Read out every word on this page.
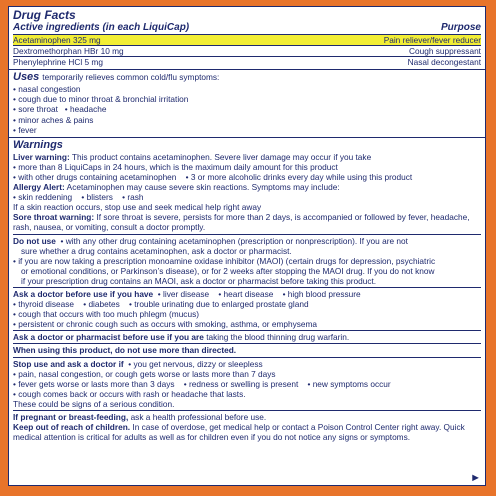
Drug Facts
Active ingredients (in each LiquiCap)	Purpose
Acetaminophen 325 mg	Pain reliever/fever reducer
Dextromethorphan HBr 10 mg	Cough suppressant
Phenylephrine HCl 5 mg	Nasal decongestant

Uses temporarily relieves common cold/flu symptoms:

• nasal congestion

• cough due to minor throat & bronchial irritation

• sore throat   • headache

• minor aches & pains

• fever

Warnings

Liver warning: This product contains acetaminophen. Severe liver damage may occur if you take

• more than 8 LiquiCaps in 24 hours, which is the maximum daily amount for this product

• with other drugs containing acetaminophen    • 3 or more alcoholic drinks every day while using this product

Allergy Alert: Acetaminophen may cause severe skin reactions. Symptoms may include:

• skin reddening    • blisters    • rash

If a skin reaction occurs, stop use and seek medical help right away

Sore throat warning: If sore throat is severe, persists for more than 2 days, is accompanied or followed by fever, headache, rash, nausea, or vomiting, consult a doctor promptly.

Do not use • with any other drug containing acetaminophen (prescription or nonprescription). If you are not

sure whether a drug contains acetaminophen, ask a doctor or pharmacist.

• if you are now taking a prescription monoamine oxidase inhibitor (MAOI) (certain drugs for depression, psychiatric

or emotional conditions, or Parkinson’s disease), or for 2 weeks after stopping the MAOI drug. If you do not know

if your prescription drug contains an MAOI, ask a doctor or pharmacist before taking this product.

Ask a doctor before use if you have • liver disease    • heart disease    • high blood pressure

• thyroid disease    • diabetes    • trouble urinating due to enlarged prostate gland

• cough that occurs with too much phlegm (mucus)

• persistent or chronic cough such as occurs with smoking, asthma, or emphysema

Ask a doctor or pharmacist before use if you are taking the blood thinning drug warfarin.

When using this product, do not use more than directed.

Stop use and ask a doctor if • you get nervous, dizzy or sleepless

• pain, nasal congestion, or cough gets worse or lasts more than 7 days

• fever gets worse or lasts more than 3 days    • redness or swelling is present    • new symptoms occur

• cough comes back or occurs with rash or headache that lasts.

These could be signs of a serious condition.

If pregnant or breast-feeding, ask a health professional before use.

Keep out of reach of children. In case of overdose, get medical help or contact a Poison Control Center right away. Quick medical attention is critical for adults as well as for children even if you do not notice any signs or symptoms.

►
